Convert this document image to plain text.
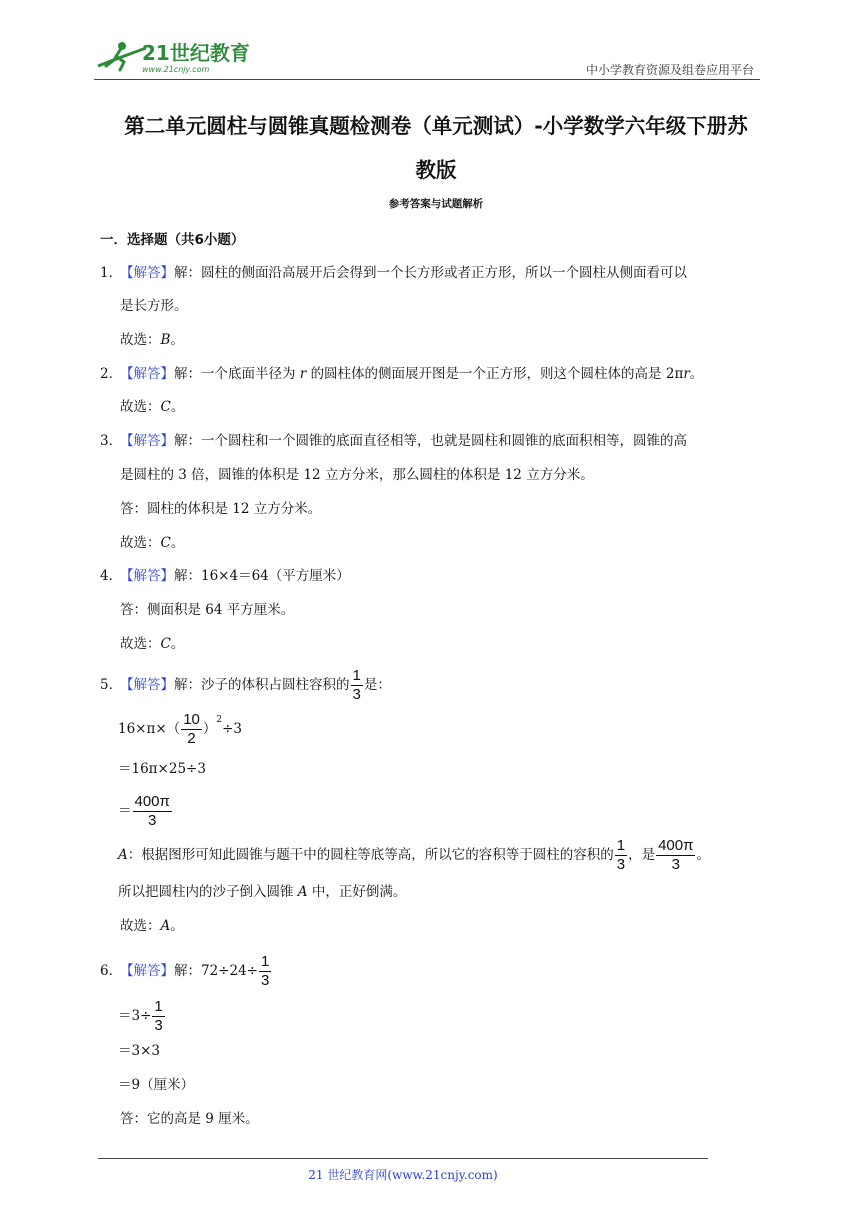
21世纪教育
www.21cnjy.com	中小学教育资源及组卷应用平台
第二单元圆柱与圆锥真题检测卷（单元测试）-小学数学六年级下册苏
教版
参考答案与试题解析
一．选择题（共6小题）
1．【解答】解：圆柱的侧面沿高展开后会得到一个长方形或者正方形，所以一个圆柱从侧面看可以
是长方形。
故选：B。
2．【解答】解：一个底面半径为 r 的圆柱体的侧面展开图是一个正方形，则这个圆柱体的高是 2πr。
故选：C。
3．【解答】解：一个圆柱和一个圆锥的底面直径相等，也就是圆柱和圆锥的底面积相等，圆锥的高
是圆柱的 3 倍，圆锥的体积是 12 立方分米，那么圆柱的体积是 12 立方分米。
答：圆柱的体积是 12 立方分米。
故选：C。
4．【解答】解：16×4＝64（平方厘米）
答：侧面积是 64 平方厘米。
故选：C。
5．【解答】解：沙子的体积占圆柱容积的 $\frac{1}{3}$ 是：
$16\times\pi\times( \frac{10}{2} )^2\div 3$
＝16π×25÷3
＝ $\frac{400\pi}{3}$
A：根据图形可知此圆锥与题干中的圆柱等底等高，所以它的容积等于圆柱的容积的 $\frac{1}{3}$ ，是 $\frac{400\pi}{3}$ 。
所以把圆柱内的沙子倒入圆锥 A 中，正好倒满。
故选：A。
6．【解答】解：$72\div 24\div \frac{1}{3}$
$=3\div \frac{1}{3}$
＝3×3
＝9（厘米）
答：它的高是 9 厘米。
21 世纪教育网(www.21cnjy.com)
